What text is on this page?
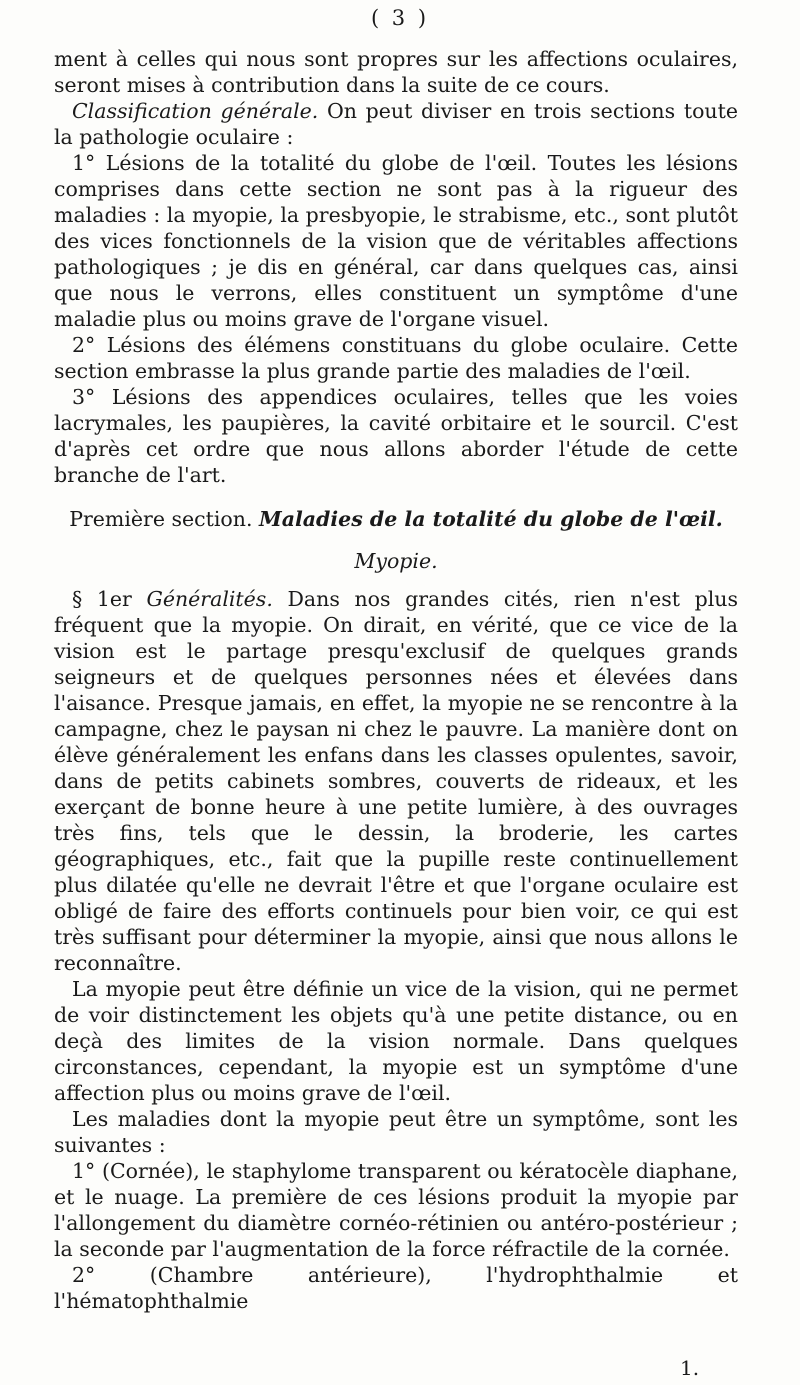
( 3 )

ment à celles qui nous sont propres sur les affections oculaires, seront mises à contribution dans la suite de ce cours.

Classification générale. On peut diviser en trois sections toute la pathologie oculaire :

1° Lésions de la totalité du globe de l'œil. Toutes les lésions comprises dans cette section ne sont pas à la rigueur des maladies : la myopie, la presbyopie, le strabisme, etc., sont plutôt des vices fonctionnels de la vision que de véritables affections pathologiques ; je dis en général, car dans quelques cas, ainsi que nous le verrons, elles constituent un symptôme d'une maladie plus ou moins grave de l'organe visuel.

2° Lésions des élémens constituans du globe oculaire. Cette section embrasse la plus grande partie des maladies de l'œil.

3° Lésions des appendices oculaires, telles que les voies lacrymales, les paupières, la cavité orbitaire et le sourcil. C'est d'après cet ordre que nous allons aborder l'étude de cette branche de l'art.

Première section. Maladies de la totalité du globe de l'œil.

Myopie.

§ 1er Généralités. Dans nos grandes cités, rien n'est plus fréquent que la myopie. On dirait, en vérité, que ce vice de la vision est le partage presqu'exclusif de quelques grands seigneurs et de quelques personnes nées et élevées dans l'aisance. Presque jamais, en effet, la myopie ne se rencontre à la campagne, chez le paysan ni chez le pauvre. La manière dont on élève généralement les enfans dans les classes opulentes, savoir, dans de petits cabinets sombres, couverts de rideaux, et les exerçant de bonne heure à une petite lumière, à des ouvrages très fins, tels que le dessin, la broderie, les cartes géographiques, etc., fait que la pupille reste continuellement plus dilatée qu'elle ne devrait l'être et que l'organe oculaire est obligé de faire des efforts continuels pour bien voir, ce qui est très suffisant pour déterminer la myopie, ainsi que nous allons le reconnaître.

La myopie peut être définie un vice de la vision, qui ne permet de voir distinctement les objets qu'à une petite distance, ou en deçà des limites de la vision normale. Dans quelques circonstances, cependant, la myopie est un symptôme d'une affection plus ou moins grave de l'œil.

Les maladies dont la myopie peut être un symptôme, sont les suivantes :

1° (Cornée), le staphylome transparent ou kératocèle diaphane, et le nuage. La première de ces lésions produit la myopie par l'allongement du diamètre cornéo-rétinien ou antéro-postérieur ; la seconde par l'augmentation de la force réfractile de la cornée.

2° (Chambre antérieure), l'hydrophthalmie et l'hématophthalmie

1.
